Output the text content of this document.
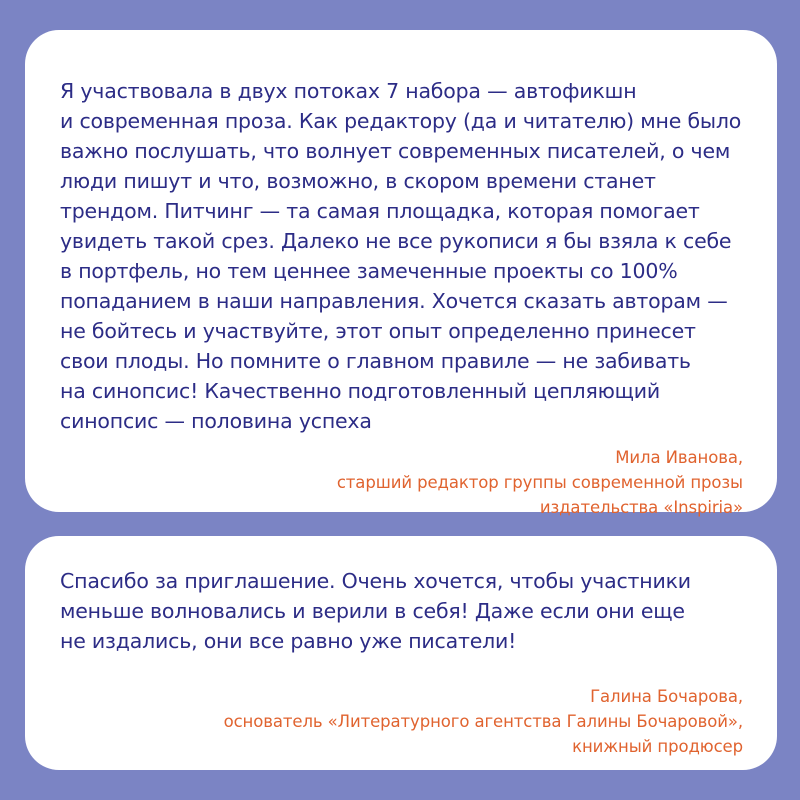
Я участвовала в двух потоках 7 набора — автофикшн
и современная проза. Как редактору (да и читателю) мне было
важно послушать, что волнует современных писателей, о чем
люди пишут и что, возможно, в скором времени станет
трендом. Питчинг — та самая площадка, которая помогает
увидеть такой срез. Далеко не все рукописи я бы взяла к себе
в портфель, но тем ценнее замеченные проекты со 100%
попаданием в наши направления. Хочется сказать авторам —
не бойтесь и участвуйте, этот опыт определенно принесет
свои плоды. Но помните о главном правиле — не забивать
на синопсис! Качественно подготовленный цепляющий
синопсис — половина успеха

Мила Иванова,
старший редактор группы современной прозы
издательства «Inspiria»

Спасибо за приглашение. Очень хочется, чтобы участники
меньше волновались и верили в себя! Даже если они еще
не издались, они все равно уже писатели!

Галина Бочарова,
основатель «Литературного агентства Галины Бочаровой»,
книжный продюсер
